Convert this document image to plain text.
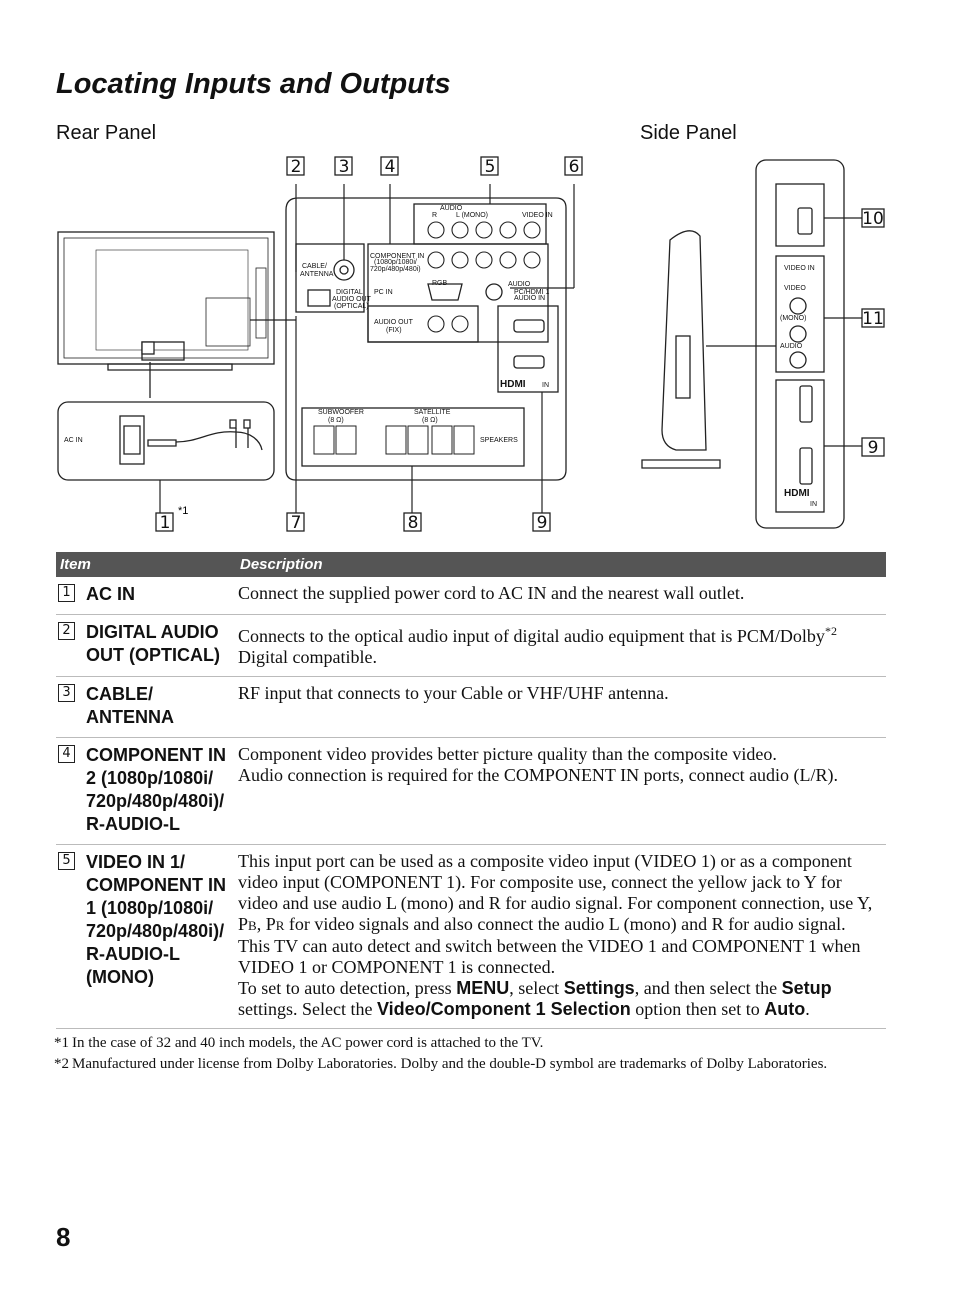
Locating Inputs and Outputs
Rear Panel	Side Panel
AC IN
CABLE/
ANTENNA
DIGITAL
AUDIO OUT
(OPTICAL)
AUDIO
R	L (MONO)	VIDEO IN
COMPONENT IN
(1080p/1080i/
720p/480p/480i)
PC IN
RGB	AUDIO
PC/HDMI 1
AUDIO IN
AUDIO OUT
(FIX)
SUBWOOFER
(8 Ω)
SATELLITE
(8 Ω)
SPEAKERS
HDMI IN
VIDEO IN
VIDEO
(MONO)
AUDIO
HDMI
IN
2 3 4	5	6
1	7	8	9
10
11
9
*1
Item		Description
1	AC IN	Connect the supplied power cord to AC IN and the nearest wall outlet.
2	DIGITAL AUDIO OUT (OPTICAL)	Connects to the optical audio input of digital audio equipment that is PCM/Dolby$^{*2}$ Digital compatible.
3	CABLE/ ANTENNA	RF input that connects to your Cable or VHF/UHF antenna.
4	COMPONENT IN 2 (1080p/1080i/ 720p/480p/480i)/ R-AUDIO-L	Component video provides better picture quality than the composite video.
Audio connection is required for the COMPONENT IN ports, connect audio (L/R).

5	VIDEO IN 1/ COMPONENT IN 1 (1080p/1080i/ 720p/480p/480i)/ R-AUDIO-L (MONO)	This input port can be used as a composite video input (VIDEO 1) or as a component video input (COMPONENT 1). For composite use, connect the yellow jack to Y for video and use audio L (mono) and R for audio signal. For component connection, use Y, PB, PR for video signals and also connect the audio L (mono) and R for audio signal.
This TV can auto detect and switch between the VIDEO 1 and COMPONENT 1 when VIDEO 1 or COMPONENT 1 is connected.
To set to auto detection, press MENU, select Settings, and then select the Setup settings. Select the Video/Component 1 Selection option then set to Auto.
*1 In the case of 32 and 40 inch models, the AC power cord is attached to the TV.
*2 Manufactured under license from Dolby Laboratories. Dolby and the double-D symbol are trademarks of Dolby Laboratories.
8
